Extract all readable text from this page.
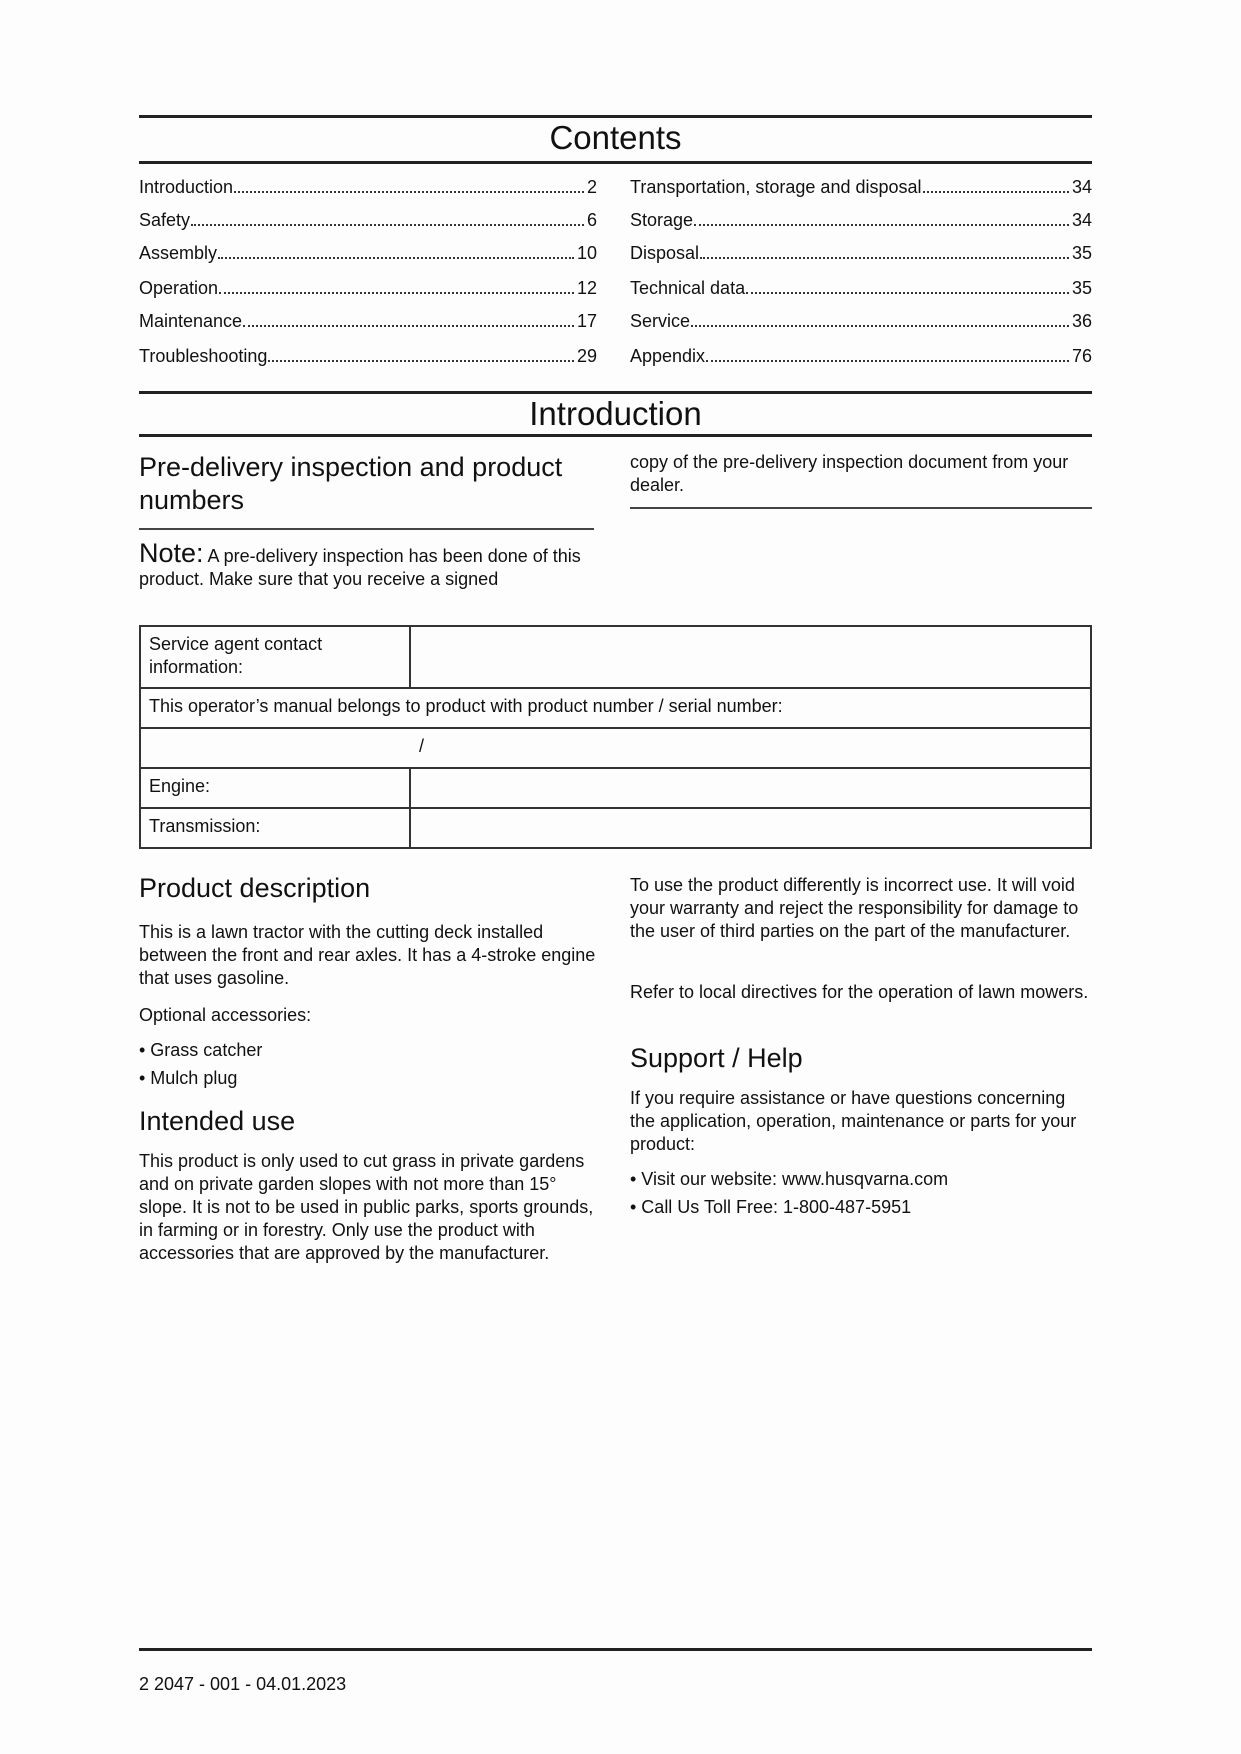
Contents
Introduction	2
Safety	6
Assembly	10
Operation	12
Maintenance	17
Troubleshooting	29
Transportation, storage and disposal	34
Storage	34
Disposal	35
Technical data	35
Service	36
Appendix	76
Introduction
Pre-delivery inspection and product numbers

Note: A pre-delivery inspection has been done of this product. Make sure that you receive a signed

copy of the pre-delivery inspection document from your dealer.

Service agent contact information:	
This operator’s manual belongs to product with product number / serial number:	

/	

Engine:	
Transmission:	
Product description

This is a lawn tractor with the cutting deck installed between the front and rear axles. It has a 4-stroke engine that uses gasoline.

Optional accessories:

• Grass catcher

• Mulch plug

Intended use

This product is only used to cut grass in private gardens and on private garden slopes with not more than 15° slope. It is not to be used in public parks, sports grounds, in farming or in forestry. Only use the product with accessories that are approved by the manufacturer.

To use the product differently is incorrect use. It will void your warranty and reject the responsibility for damage to the user of third parties on the part of the manufacturer.

Refer to local directives for the operation of lawn mowers.

Support / Help

If you require assistance or have questions concerning the application, operation, maintenance or parts for your product:

• Visit our website: www.husqvarna.com

• Call Us Toll Free: 1-800-487-5951

2 2047 - 001 - 04.01.2023
